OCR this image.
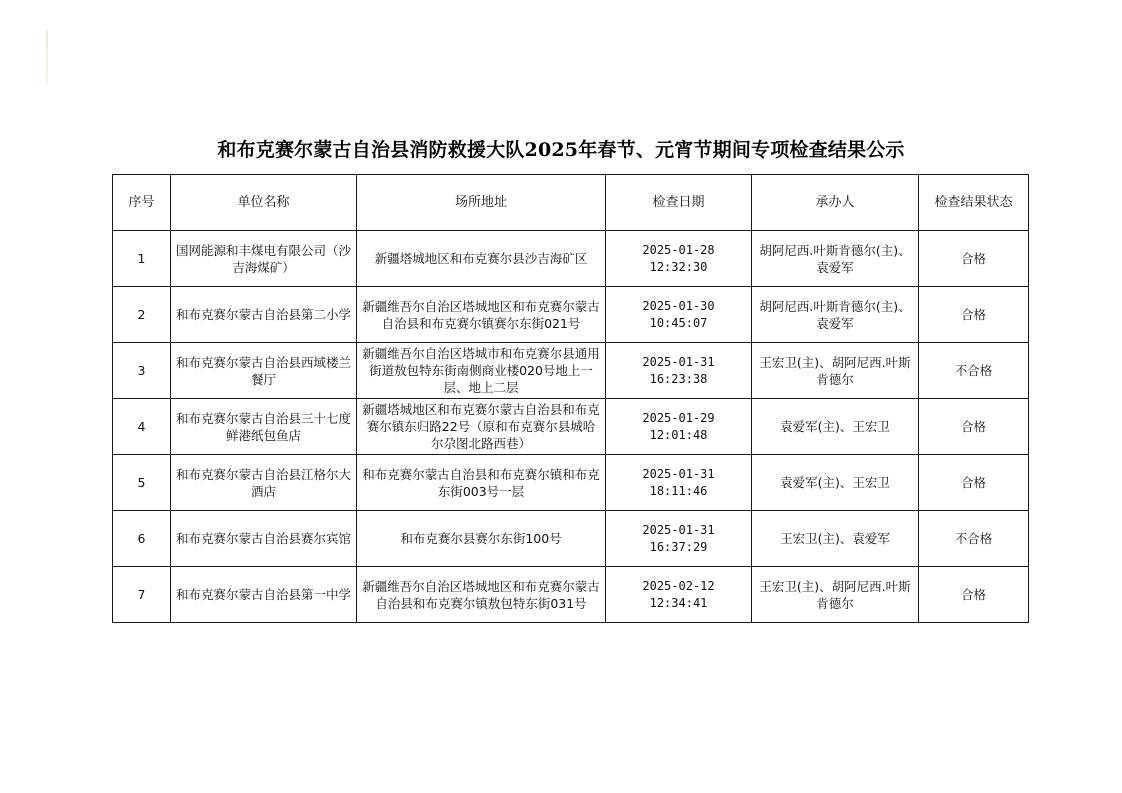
和布克赛尔蒙古自治县消防救援大队2025年春节、元宵节期间专项检查结果公示
序号	单位名称	场所地址	检查日期	承办人	检查结果状态
1	国网能源和丰煤电有限公司（沙吉海煤矿）	新疆塔城地区和布克赛尔县沙吉海矿区	2025-01-28 12:32:30	胡阿尼西.叶斯肯德尔(主)、袁爱军	合格
2	和布克赛尔蒙古自治县第二小学	新疆维吾尔自治区塔城地区和布克赛尔蒙古自治县和布克赛尔镇赛尔东街021号	2025-01-30 10:45:07	胡阿尼西.叶斯肯德尔(主)、袁爱军	合格
3	和布克赛尔蒙古自治县西域楼兰餐厅	新疆维吾尔自治区塔城市和布克赛尔县通用街道敖包特东街南侧商业楼020号地上一层、地上二层	2025-01-31 16:23:38	王宏卫(主)、胡阿尼西.叶斯肯德尔	不合格
4	和布克赛尔蒙古自治县三十七度鲜港纸包鱼店	新疆塔城地区和布克赛尔蒙古自治县和布克赛尔镇东归路22号（原和布克赛尔县城哈尔尕图北路西巷）	2025-01-29 12:01:48	袁爱军(主)、王宏卫	合格
5	和布克赛尔蒙古自治县江格尔大酒店	和布克赛尔蒙古自治县和布克赛尔镇和布克东街003号一层	2025-01-31 18:11:46	袁爱军(主)、王宏卫	合格
6	和布克赛尔蒙古自治县赛尔宾馆	和布克赛尔县赛尔东街100号	2025-01-31 16:37:29	王宏卫(主)、袁爱军	不合格
7	和布克赛尔蒙古自治县第一中学	新疆维吾尔自治区塔城地区和布克赛尔蒙古自治县和布克赛尔镇敖包特东街031号	2025-02-12 12:34:41	王宏卫(主)、胡阿尼西.叶斯肯德尔	合格
